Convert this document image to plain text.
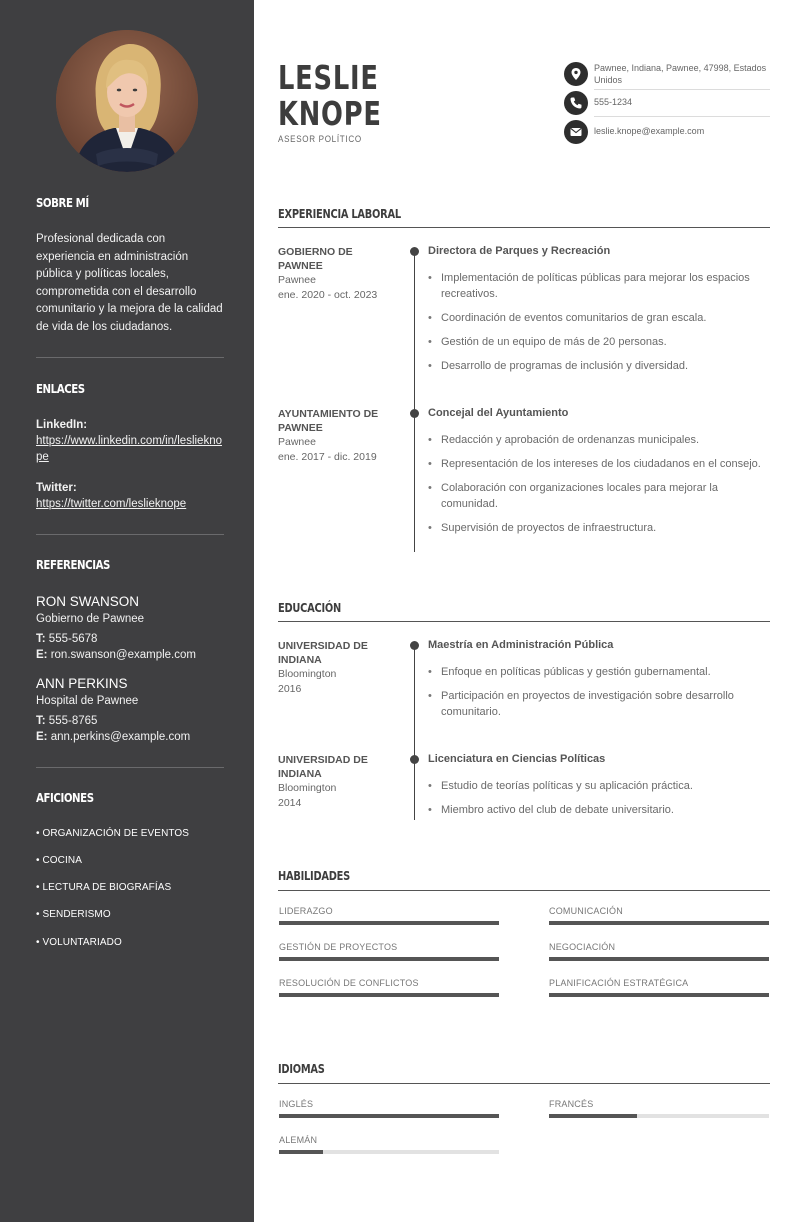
SOBRE MÍ

Profesional dedicada con experiencia en administración pública y políticas locales, comprometida con el desarrollo comunitario y la mejora de la calidad de vida de los ciudadanos.

ENLACES
LinkedIn:
https://www.linkedin.com/in/leslieknope
Twitter:
https://twitter.com/leslieknope
REFERENCIAS
RON SWANSON
Gobierno de Pawnee
T: 555-5678
E: ron.swanson@example.com
ANN PERKINS
Hospital de Pawnee
T: 555-8765
E: ann.perkins@example.com
AFICIONES
• ORGANIZACIÓN DE EVENTOS
• COCINA
• LECTURA DE BIOGRAFÍAS
• SENDERISMO
• VOLUNTARIADO
LESLIE
KNOPE
ASESOR POLÍTICO
Pawnee, Indiana, Pawnee, 47998, Estados Unidos
555-1234
leslie.knope@example.com
EXPERIENCIA LABORAL
GOBIERNO DE PAWNEE
Pawnee
ene. 2020 - oct. 2023
Directora de Parques y Recreación
• Implementación de políticas públicas para mejorar los espacios recreativos.
• Coordinación de eventos comunitarios de gran escala.
• Gestión de un equipo de más de 20 personas.
• Desarrollo de programas de inclusión y diversidad.
AYUNTAMIENTO DE PAWNEE
Pawnee
ene. 2017 - dic. 2019
Concejal del Ayuntamiento
• Redacción y aprobación de ordenanzas municipales.
• Representación de los intereses de los ciudadanos en el consejo.
• Colaboración con organizaciones locales para mejorar la comunidad.
• Supervisión de proyectos de infraestructura.
EDUCACIÓN
UNIVERSIDAD DE INDIANA
Bloomington
2016
Maestría en Administración Pública
• Enfoque en políticas públicas y gestión gubernamental.
• Participación en proyectos de investigación sobre desarrollo comunitario.
UNIVERSIDAD DE INDIANA
Bloomington
2014
Licenciatura en Ciencias Políticas
• Estudio de teorías políticas y su aplicación práctica.
• Miembro activo del club de debate universitario.
HABILIDADES
LIDERAZGO	COMUNICACIÓN
GESTIÓN DE PROYECTOS	NEGOCIACIÓN
RESOLUCIÓN DE CONFLICTOS	PLANIFICACIÓN ESTRATÉGICA
IDIOMAS
INGLÉS	FRANCÉS
ALEMÁN
